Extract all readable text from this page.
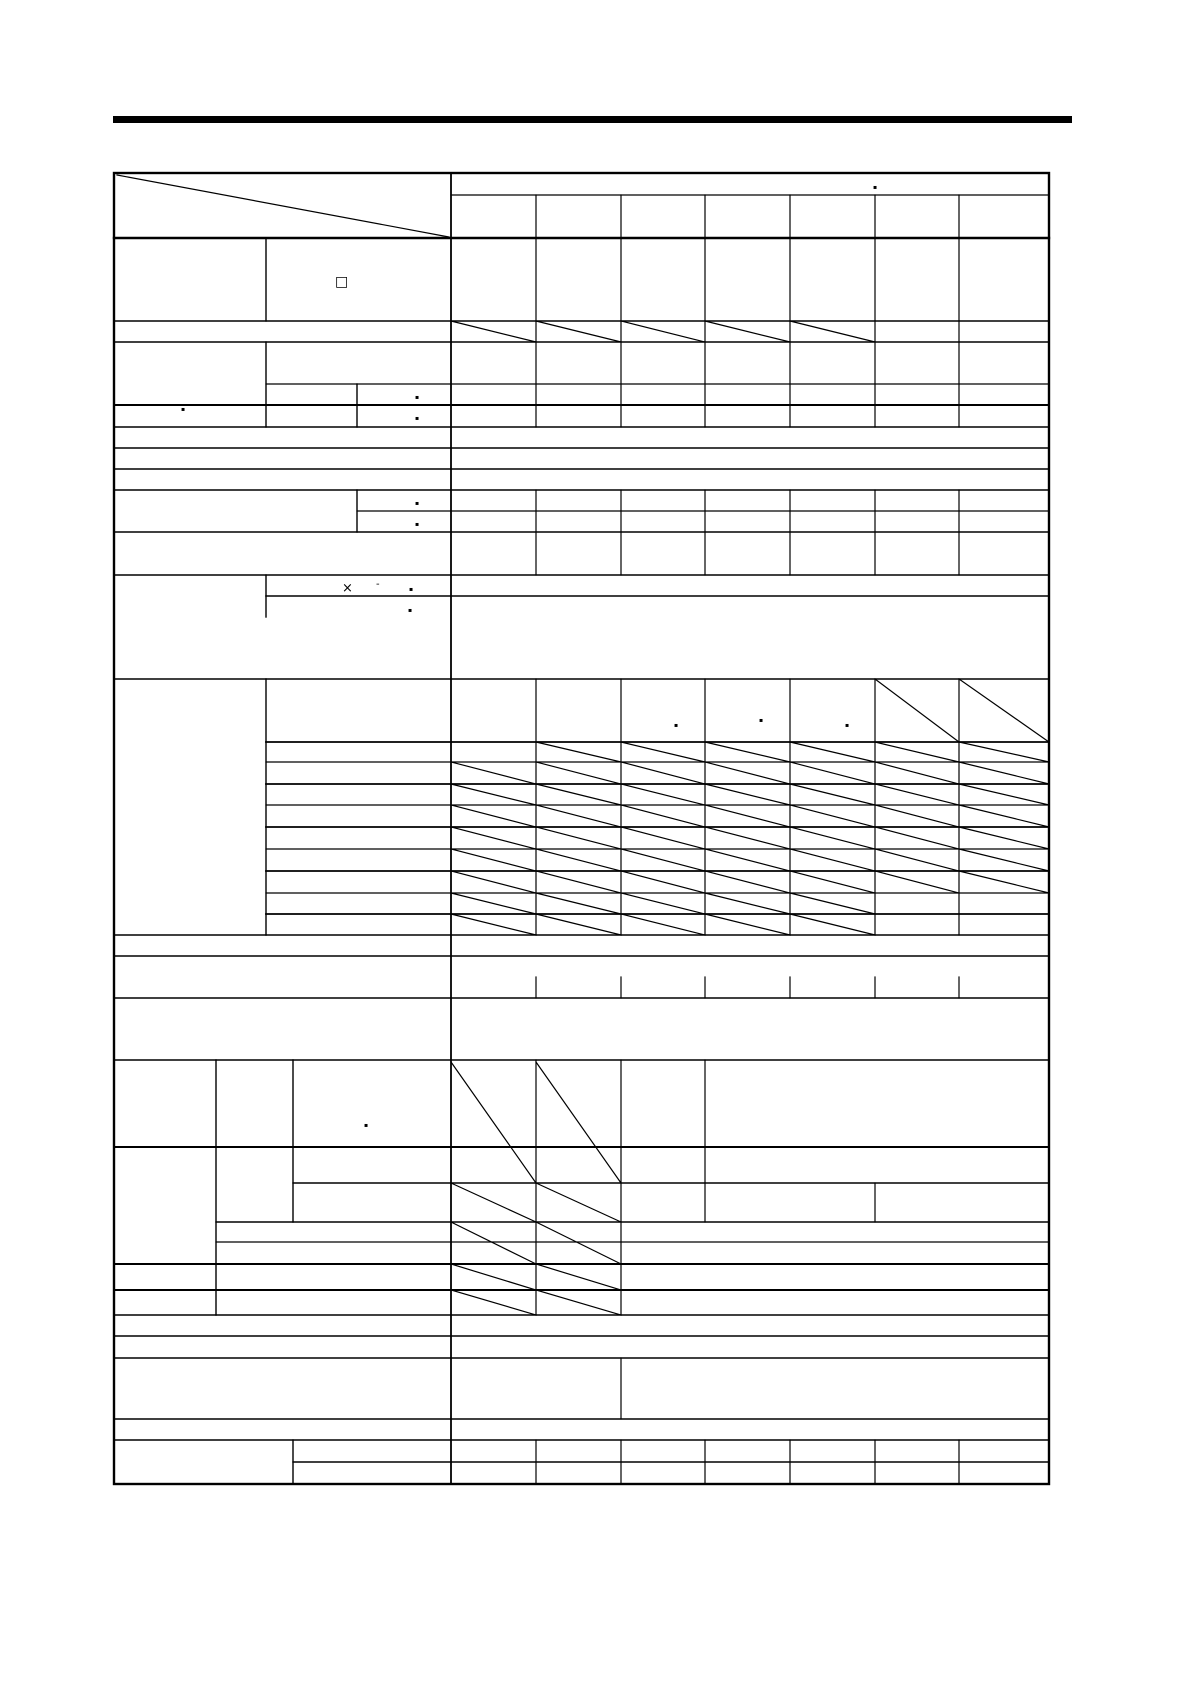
□
× -
▪
▪
▪
▪
▪
▪
▪
▪
▪
▪
▪
▪
